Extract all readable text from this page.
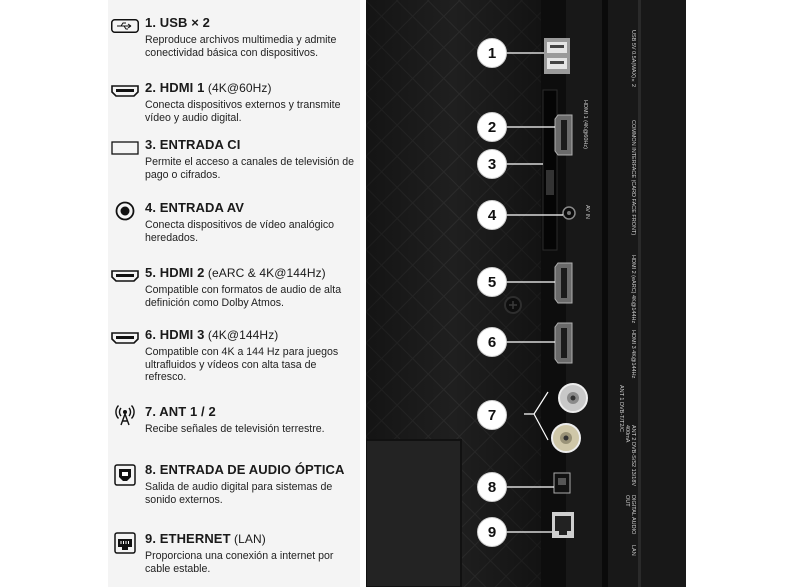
1. USB × 2
Reproduce archivos multimedia y admite conectividad básica con dispositivos.
2. HDMI 1 (4K@60Hz)
Conecta dispositivos externos y transmite vídeo y audio digital.
3. ENTRADA CI
Permite el acceso a canales de televisión de pago o cifrados.
4. ENTRADA AV
Conecta dispositivos de vídeo analógico heredados.
5. HDMI 2 (eARC & 4K@144Hz)
Compatible con formatos de audio de alta definición como Dolby Atmos.
6. HDMI 3 (4K@144Hz)
Compatible con 4K a 144 Hz para juegos ultrafluidos y vídeos con alta tasa de refresco.
7. ANT 1 / 2
Recibe señales de televisión terrestre.
8. ENTRADA DE AUDIO ÓPTICA
Salida de audio digital para sistemas de sonido externos.
9. ETHERNET (LAN)
Proporciona una conexión a internet por cable estable.
USB 5V 0.5A(MAX)×2
COMMON INTERFACE (CARD FACE FRONT)
HDMI 2 (eARC) 4K@144Hz
HDMI 3 4K@144Hz
ANT 1 DVB-T/T2/C
ANT 2 DVB-S/S2 13/18V 400mA
DIGITAL AUDIO OUT
LAN
HDMI 1 (4K@60Hz)
AV IN
1
2
3
4
5
6
7
8
9
